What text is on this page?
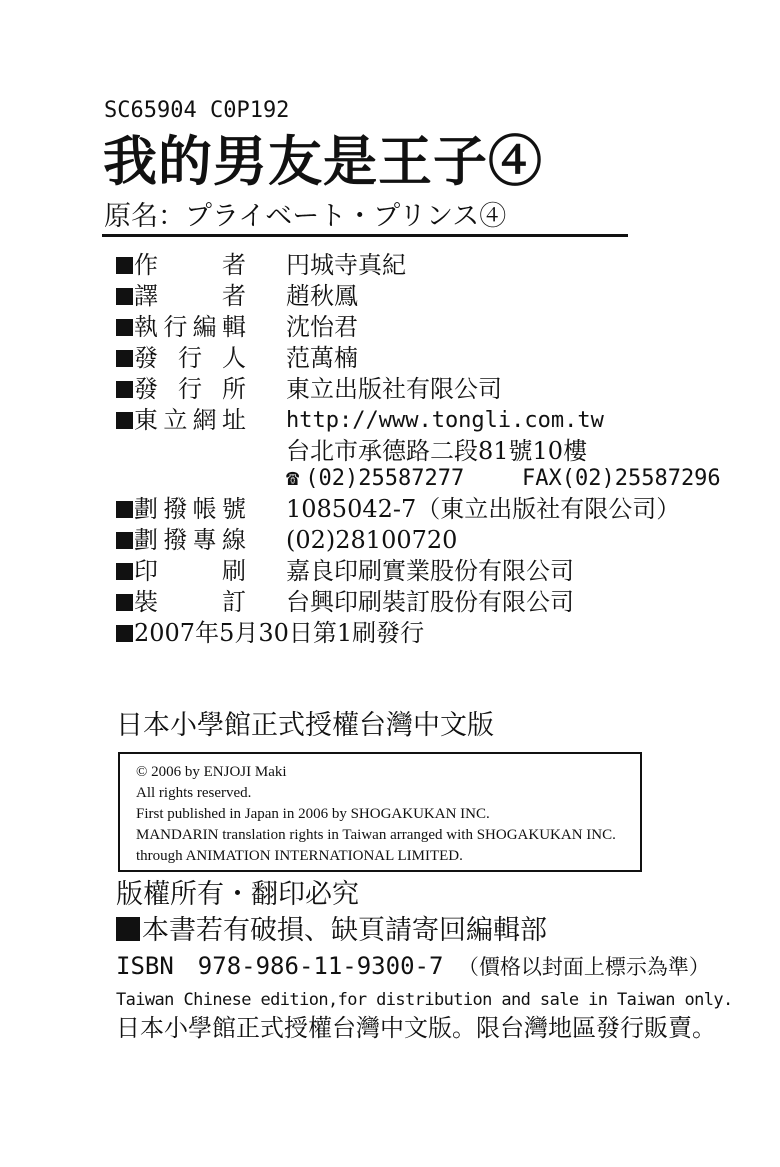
SC65904 C0P192
我的男友是王子④
原名：プライベート・プリンス④
作　者 円城寺真紀
譯　者 趙秋鳳
執行編輯 沈怡君
發行人 范萬楠
發行所 東立出版社有限公司
東立網址 http://www.tongli.com.tw
台北市承德路二段81號10樓
☎ (02)25587277	FAX(02)25587296
劃撥帳號 1085042-7（東立出版社有限公司）
劃撥專線 (02)28100720
印　刷 嘉良印刷實業股份有限公司
裝　訂 台興印刷裝訂股份有限公司
2007年5月30日第1刷發行
日本小學館正式授權台灣中文版
© 2006 by ENJOJI Maki
All rights reserved.
First published in Japan in 2006 by SHOGAKUKAN INC.
MANDARIN translation rights in Taiwan arranged with SHOGAKUKAN INC.
through ANIMATION INTERNATIONAL LIMITED.
版權所有・翻印必究
本書若有破損、缺頁請寄回編輯部
ISBN　978-986-11-9300-7 （價格以封面上標示為準）
Taiwan Chinese edition,for distribution and sale in Taiwan only.
日本小學館正式授權台灣中文版。限台灣地區發行販賣。
